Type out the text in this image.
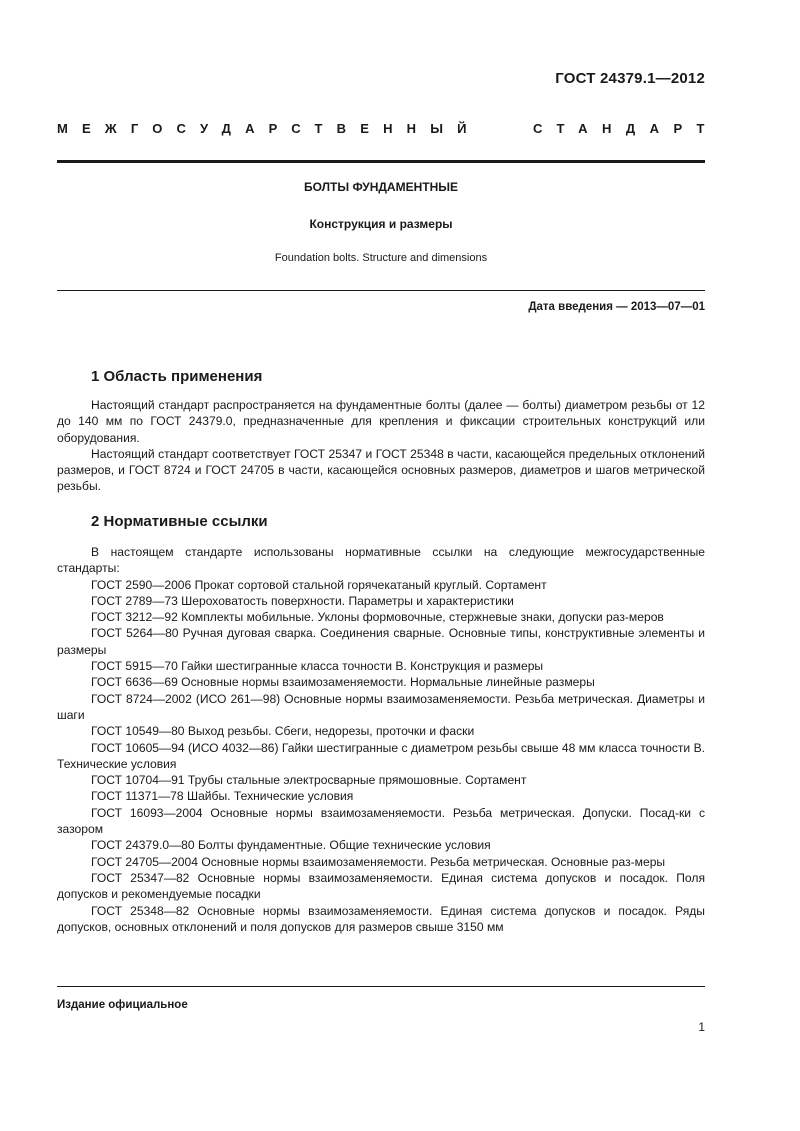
ГОСТ 24379.1—2012
МЕЖГОСУДАРСТВЕННЫЙ	СТАНДАРТ
БОЛТЫ ФУНДАМЕНТНЫЕ
Конструкция и размеры
Foundation bolts. Structure and dimensions
Дата введения — 2013—07—01
1 Область применения

Настоящий стандарт распространяется на фундаментные болты (далее — болты) диаметром резьбы от 12 до 140 мм по ГОСТ 24379.0, предназначенные для крепления и фиксации строительных конструкций или оборудования.

Настоящий стандарт соответствует ГОСТ 25347 и ГОСТ 25348 в части, касающейся предельных отклонений размеров, и ГОСТ 8724 и ГОСТ 24705 в части, касающейся основных размеров, диаметров и шагов метрической резьбы.

2 Нормативные ссылки

В настоящем стандарте использованы нормативные ссылки на следующие межгосударственные стандарты:

ГОСТ 2590—2006 Прокат сортовой стальной горячекатаный круглый. Сортамент

ГОСТ 2789—73 Шероховатость поверхности. Параметры и характеристики

ГОСТ 3212—92 Комплекты мобильные. Уклоны формовочные, стержневые знаки, допуски раз-меров

ГОСТ 5264—80 Ручная дуговая сварка. Соединения сварные. Основные типы, конструктивные элементы и размеры

ГОСТ 5915—70 Гайки шестигранные класса точности В. Конструкция и размеры

ГОСТ 6636—69 Основные нормы взаимозаменяемости. Нормальные линейные размеры

ГОСТ 8724—2002 (ИСО 261—98) Основные нормы взаимозаменяемости. Резьба метрическая. Диаметры и шаги

ГОСТ 10549—80 Выход резьбы. Сбеги, недорезы, проточки и фаски

ГОСТ 10605—94 (ИСО 4032—86) Гайки шестигранные с диаметром резьбы свыше 48 мм класса точности В. Технические условия

ГОСТ 10704—91 Трубы стальные электросварные прямошовные. Сортамент

ГОСТ 11371—78 Шайбы. Технические условия

ГОСТ 16093—2004 Основные нормы взаимозаменяемости. Резьба метрическая. Допуски. Посад-ки с зазором

ГОСТ 24379.0—80 Болты фундаментные. Общие технические условия

ГОСТ 24705—2004 Основные нормы взаимозаменяемости. Резьба метрическая. Основные раз-меры

ГОСТ 25347—82 Основные нормы взаимозаменяемости. Единая система допусков и посадок. Поля допусков и рекомендуемые посадки

ГОСТ 25348—82 Основные нормы взаимозаменяемости. Единая система допусков и посадок. Ряды допусков, основных отклонений и поля допусков для размеров свыше 3150 мм

Издание официальное
1
